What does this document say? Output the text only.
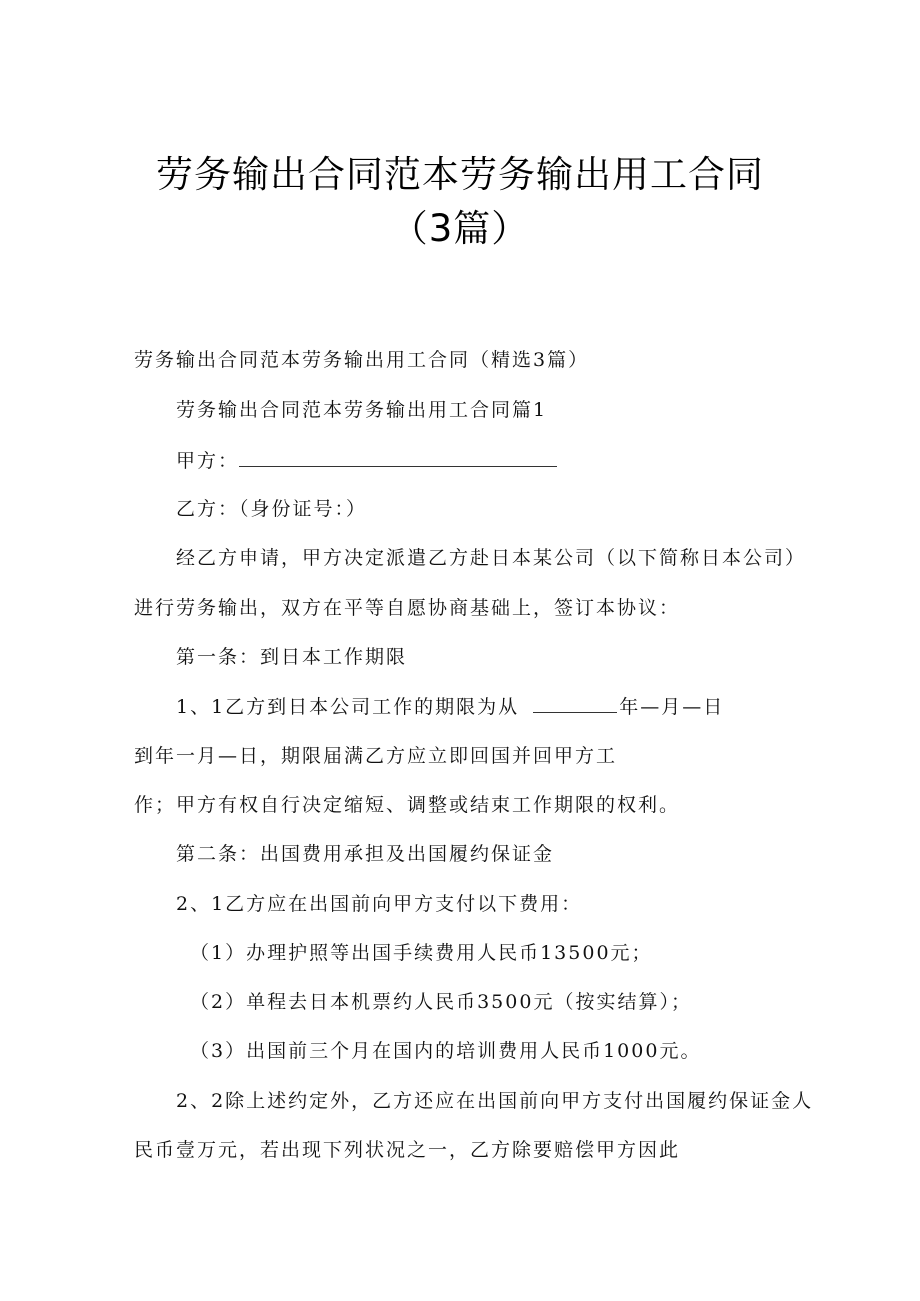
劳务输出合同范本劳务输出用工合同（3篇）
劳务输出合同范本劳务输出用工合同（精选3篇）
劳务输出合同范本劳务输出用工合同篇1
甲方：
乙方：（身份证号：）
经乙方申请，甲方决定派遣乙方赴日本某公司（以下简称日本公司）
进行劳务输出，双方在平等自愿协商基础上，签订本协议：
第一条：到日本工作期限
1、1乙方到日本公司工作的期限为从	年—月—日
到年一月—日，期限届满乙方应立即回国并回甲方工
作；甲方有权自行决定缩短、调整或结束工作期限的权利。
第二条：出国费用承担及出国履约保证金
2、1乙方应在出国前向甲方支付以下费用：
（1）办理护照等出国手续费用人民币13500元；
（2）单程去日本机票约人民币3500元（按实结算）；
（3）出国前三个月在国内的培训费用人民币1000元。
2、2除上述约定外，乙方还应在出国前向甲方支付出国履约保证金人
民币壹万元，若出现下列状况之一，乙方除要赔偿甲方因此
